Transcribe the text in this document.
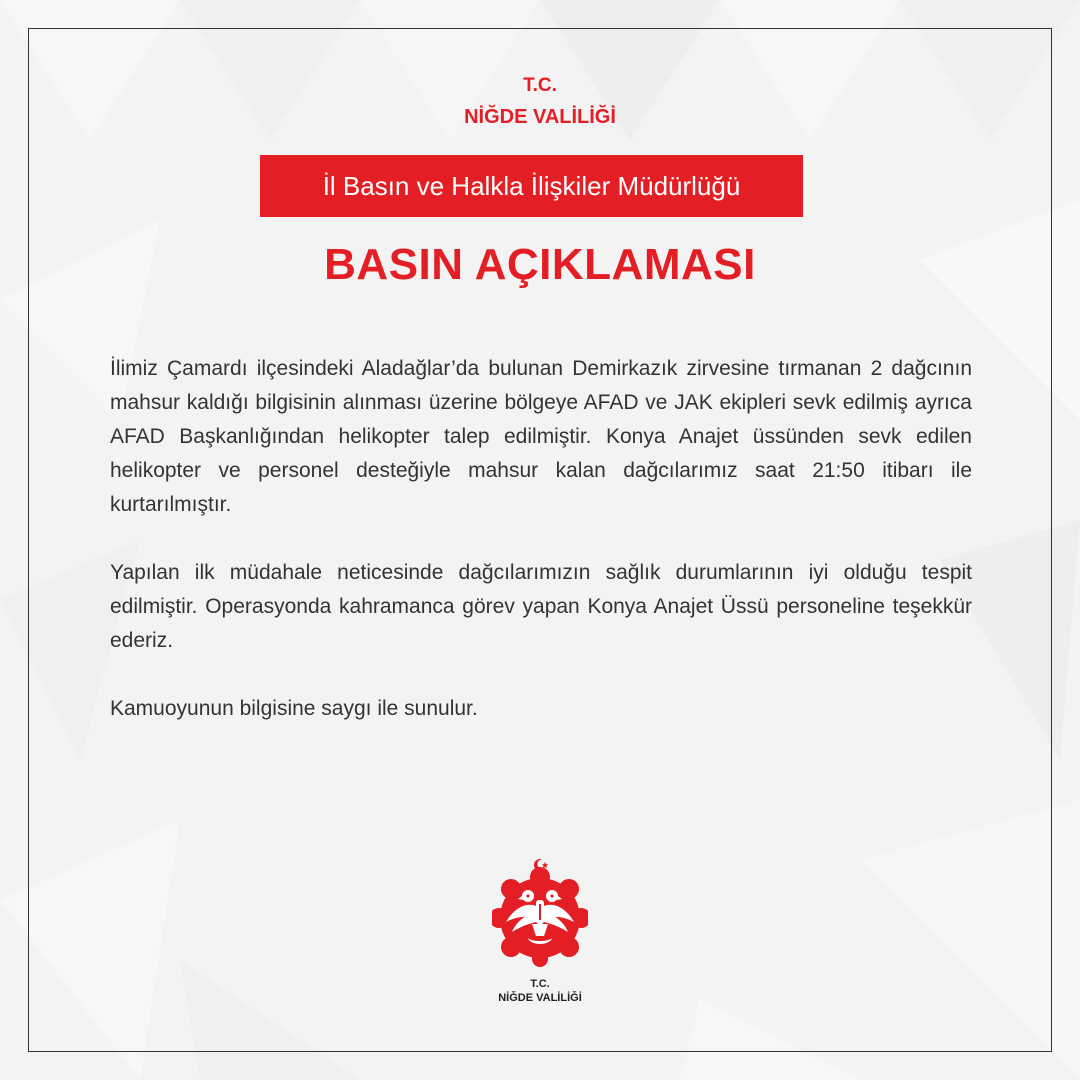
T.C.
NİĞDE VALİLİĞİ
İl Basın ve Halkla İlişkiler Müdürlüğü
BASIN AÇIKLAMASI

İlimiz Çamardı ilçesindeki Aladağlar’da bulunan Demirkazık zirvesine tırmanan 2 dağcının mahsur kaldığı bilgisinin alınması üzerine bölgeye AFAD ve JAK ekipleri sevk edilmiş ayrıca AFAD Başkanlığından helikopter talep edilmiştir. Konya Anajet üssünden sevk edilen helikopter ve personel desteğiyle mahsur kalan dağcılarımız saat 21:50 itibarı ile kurtarılmıştır.

Yapılan ilk müdahale neticesinde dağcılarımızın sağlık durumlarının iyi olduğu tespit edilmiştir. Operasyonda kahramanca görev yapan Konya Anajet Üssü personeline teşekkür ederiz.

Kamuoyunun bilgisine saygı ile sunulur.

T.C.
NİĞDE VALİLİĞİ
